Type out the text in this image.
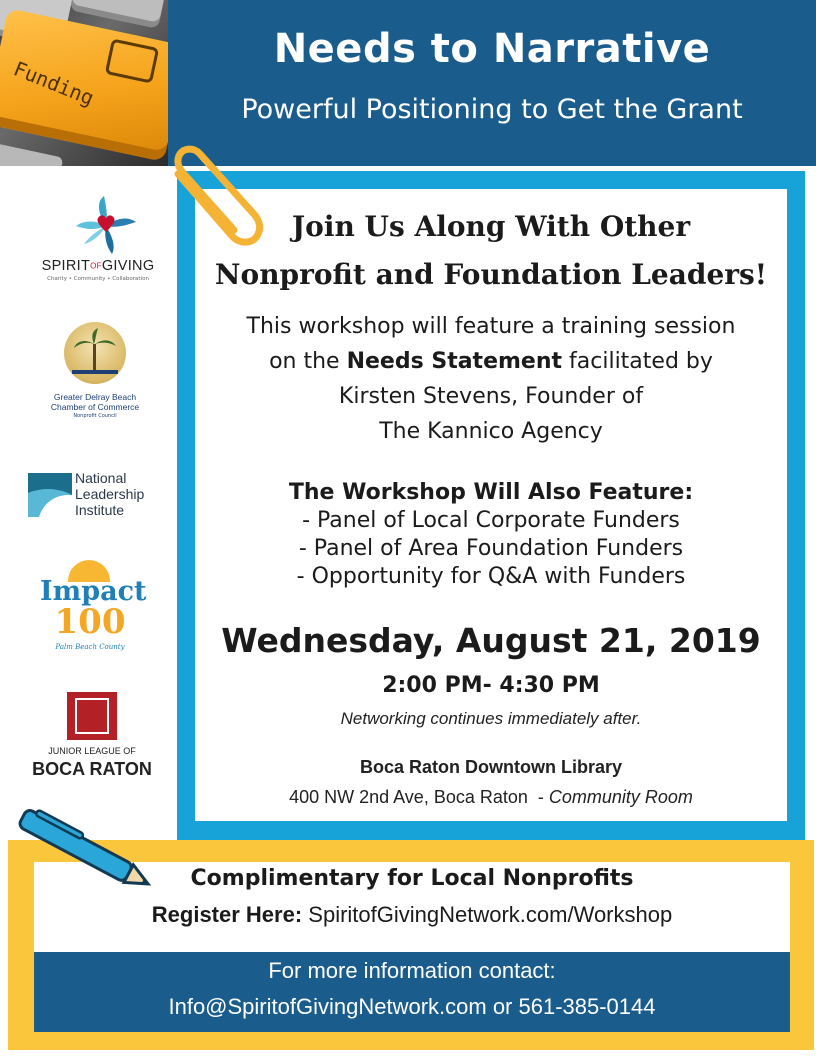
Funding
Needs to Narrative
Powerful Positioning to Get the Grant
SPIRITOFGIVING
Charity • Community • Collaboration
Greater Delray Beach
Chamber of Commerce
Nonprofit Council
National
Leadership
Institute
Impact
100
Palm Beach County
JUNIOR LEAGUE OF
BOCA RATON
Join Us Along With Other
Nonprofit and Foundation Leaders!
This workshop will feature a training session
on the Needs Statement facilitated by
Kirsten Stevens, Founder of
The Kannico Agency
The Workshop Will Also Feature:
- Panel of Local Corporate Funders
- Panel of Area Foundation Funders
- Opportunity for Q&A with Funders
Wednesday, August 21, 2019
2:00 PM- 4:30 PM
Networking continues immediately after.
Boca Raton Downtown Library
400 NW 2nd Ave, Boca Raton  - Community Room
Complimentary for Local Nonprofits
Register Here: SpiritofGivingNetwork.com/Workshop
For more information contact:
Info@SpiritofGivingNetwork.com or 561-385-0144
